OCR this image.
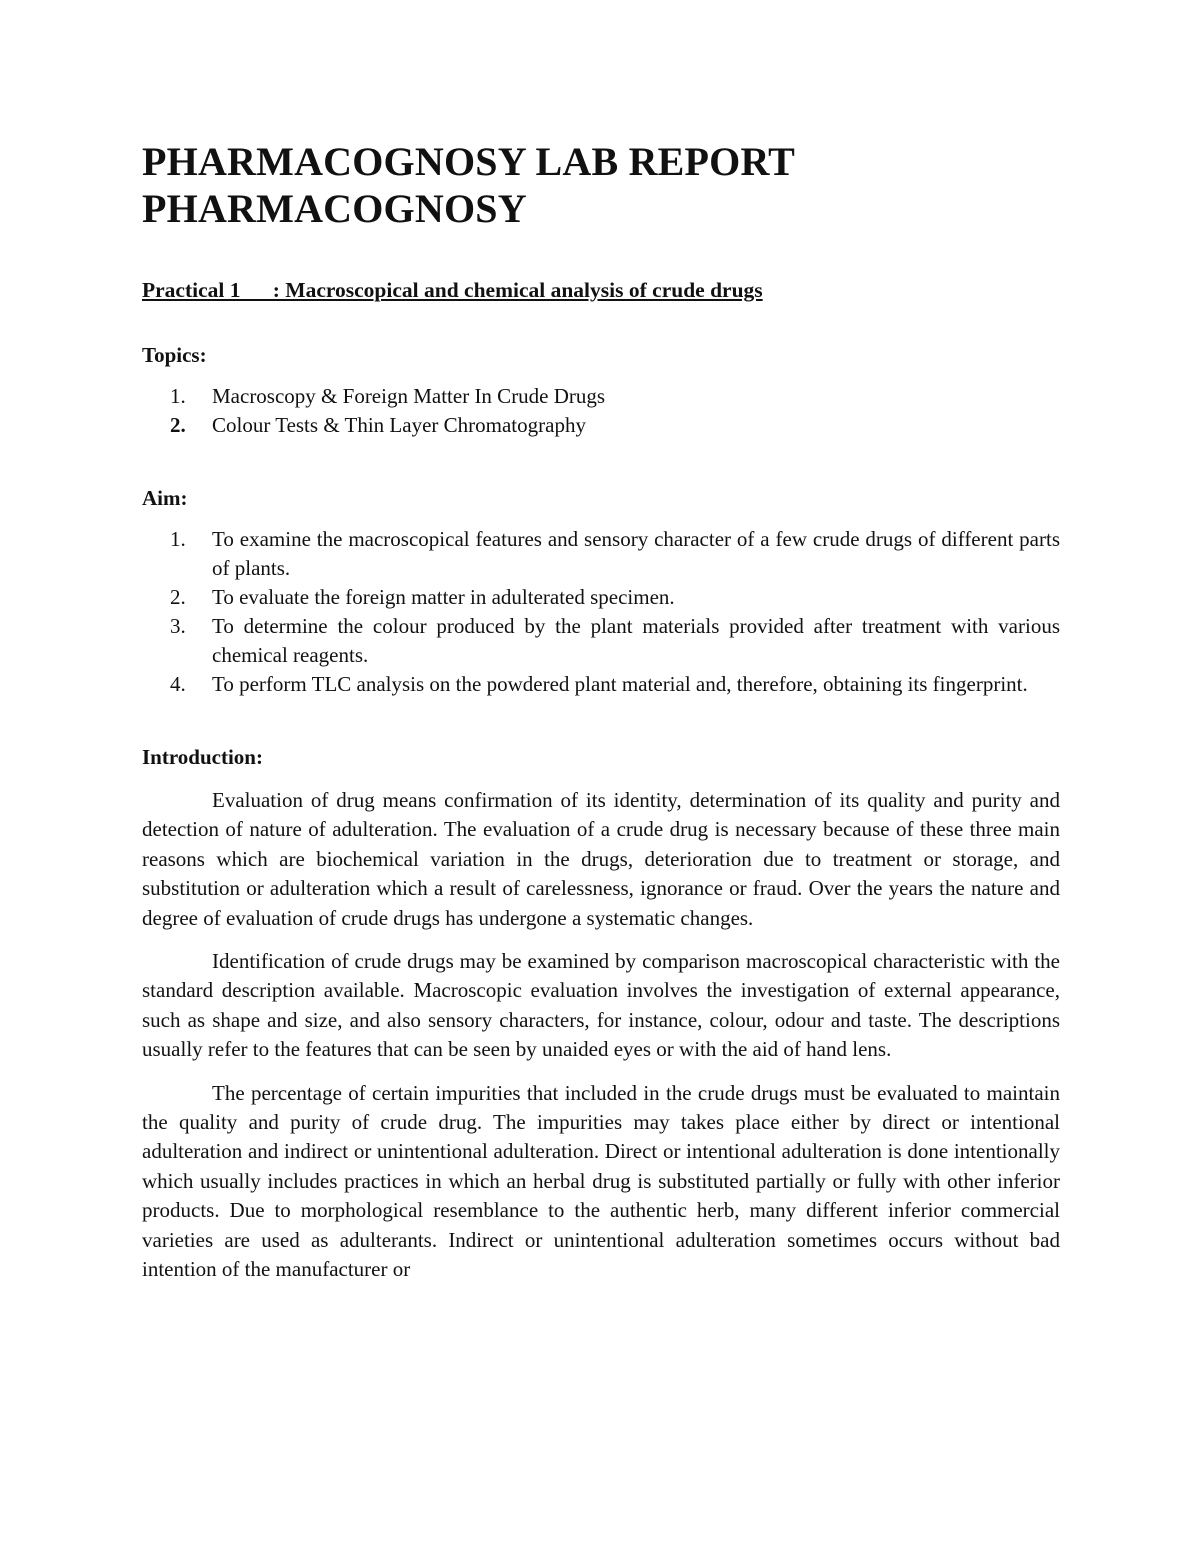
PHARMACOGNOSY LAB REPORT
PHARMACOGNOSY
Practical 1      : Macroscopical and chemical analysis of crude drugs
Topics:
1. Macroscopy & Foreign Matter In Crude Drugs
2. Colour Tests & Thin Layer Chromatography
Aim:
1. To examine the macroscopical features and sensory character of a few crude drugs of different parts of plants.
2. To evaluate the foreign matter in adulterated specimen.
3. To determine the colour produced by the plant materials provided after treatment with various chemical reagents.
4. To perform TLC analysis on the powdered plant material and, therefore, obtaining its fingerprint.
Introduction:

Evaluation of drug means confirmation of its identity, determination of its quality and purity and detection of nature of adulteration. The evaluation of a crude drug is necessary because of these three main reasons which are biochemical variation in the drugs, deterioration due to treatment or storage, and substitution or adulteration which a result of carelessness, ignorance or fraud. Over the years the nature and degree of evaluation of crude drugs has undergone a systematic changes.

Identification of crude drugs may be examined by comparison macroscopical characteristic with the standard description available. Macroscopic evaluation involves the investigation of external appearance, such as shape and size, and also sensory characters, for instance, colour, odour and taste. The descriptions usually refer to the features that can be seen by unaided eyes or with the aid of hand lens.

The percentage of certain impurities that included in the crude drugs must be evaluated to maintain the quality and purity of crude drug. The impurities may takes place either by direct or intentional adulteration and indirect or unintentional adulteration. Direct or intentional adulteration is done intentionally which usually includes practices in which an herbal drug is substituted partially or fully with other inferior products. Due to morphological resemblance to the authentic herb, many different inferior commercial varieties are used as adulterants. Indirect or unintentional adulteration sometimes occurs without bad intention of the manufacturer or
